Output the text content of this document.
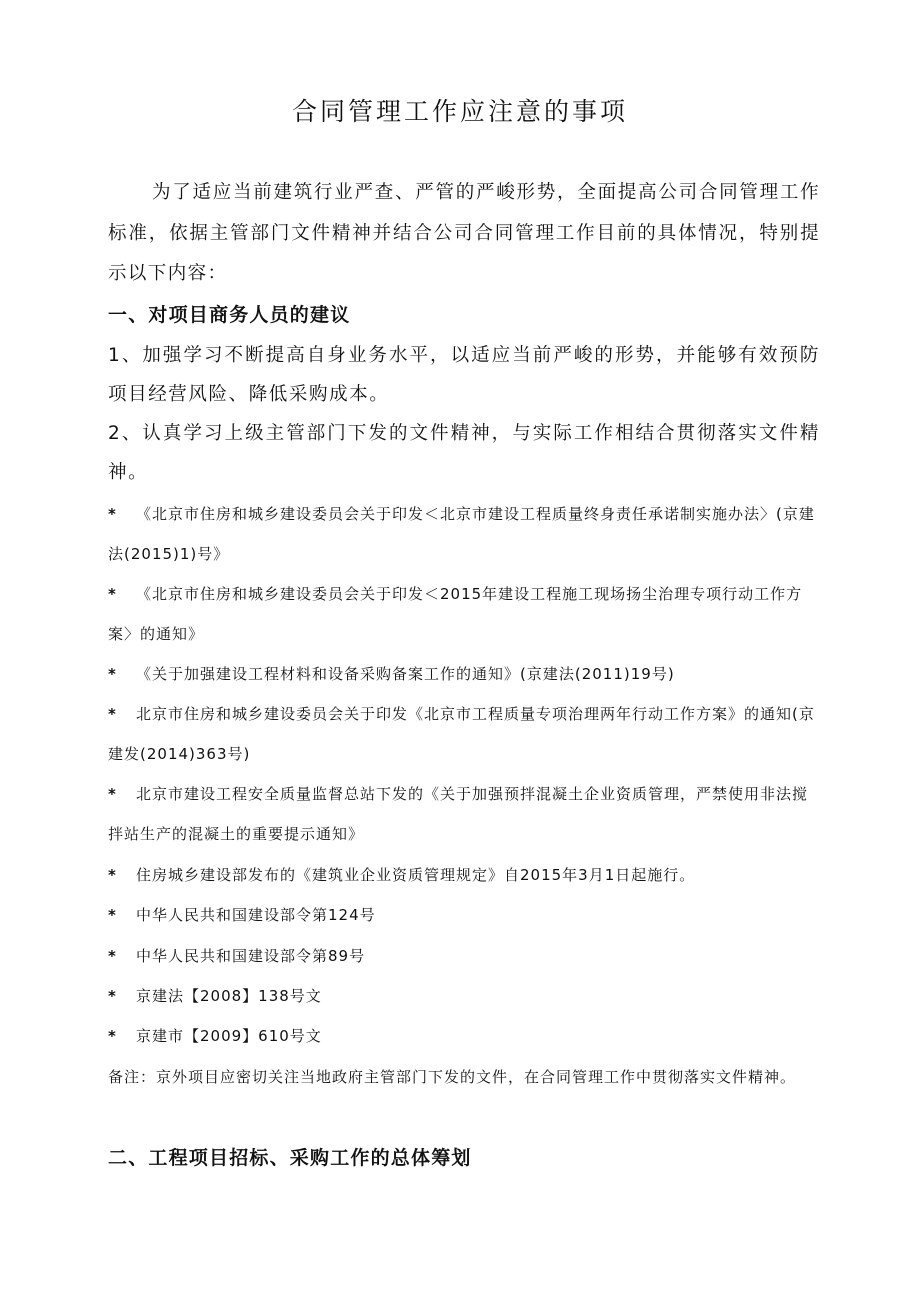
合同管理工作应注意的事项

为了适应当前建筑行业严查、严管的严峻形势，全面提高公司合同管理工作标准，依据主管部门文件精神并结合公司合同管理工作目前的具体情况，特别提示以下内容：

一、对项目商务人员的建议

1、加强学习不断提高自身业务水平，以适应当前严峻的形势，并能够有效预防项目经营风险、降低采购成本。

2、认真学习上级主管部门下发的文件精神，与实际工作相结合贯彻落实文件精神。

* 《北京市住房和城乡建设委员会关于印发＜北京市建设工程质量终身责任承诺制实施办法〉(京建法(2015)1)号》

* 《北京市住房和城乡建设委员会关于印发＜2015年建设工程施工现场扬尘治理专项行动工作方案〉的通知》

* 《关于加强建设工程材料和设备采购备案工作的通知》(京建法(2011)19号)

* 北京市住房和城乡建设委员会关于印发《北京市工程质量专项治理两年行动工作方案》的通知(京建发(2014)363号)

* 北京市建设工程安全质量监督总站下发的《关于加强预拌混凝土企业资质管理，严禁使用非法搅拌站生产的混凝土的重要提示通知》

* 住房城乡建设部发布的《建筑业企业资质管理规定》自2015年3月1日起施行。

* 中华人民共和国建设部令第124号

* 中华人民共和国建设部令第89号

* 京建法【2008】138号文

* 京建市【2009】610号文

备注：京外项目应密切关注当地政府主管部门下发的文件，在合同管理工作中贯彻落实文件精神。

二、工程项目招标、采购工作的总体筹划
